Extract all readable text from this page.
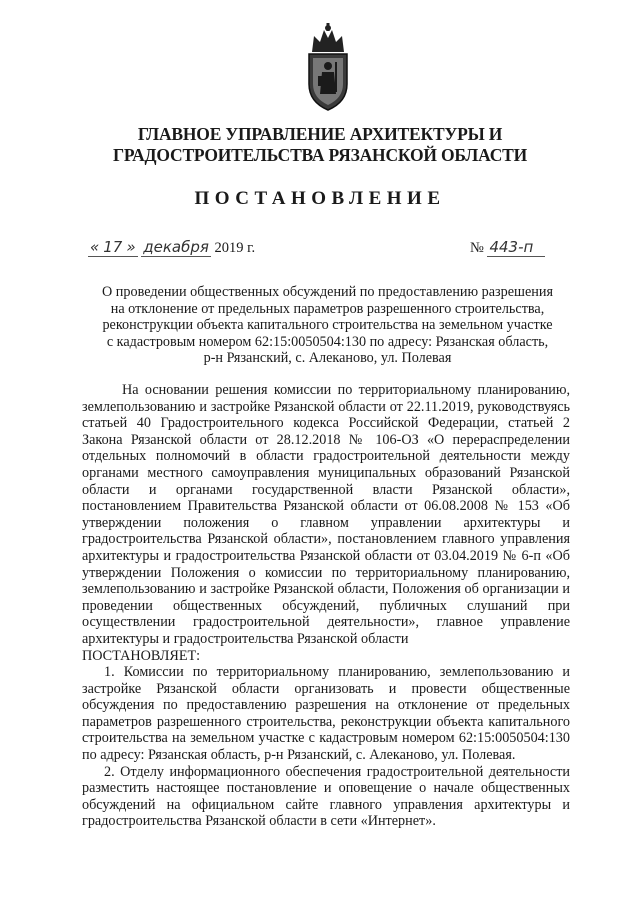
ГЛАВНОЕ УПРАВЛЕНИЕ АРХИТЕКТУРЫ И ГРАДОСТРОИТЕЛЬСТВА РЯЗАНСКОЙ ОБЛАСТИ
ПОСТАНОВЛЕНИЕ
« 17 » декабря 2019 г.	№ 443-п
О проведении общественных обсуждений по предоставлению разрешения на отклонение от предельных параметров разрешенного строительства, реконструкции объекта капитального строительства на земельном участке с кадастровым номером 62:15:0050504:130 по адресу: Рязанская область, р-н Рязанский, с. Алеканово, ул. Полевая

На основании решения комиссии по территориальному планированию, землепользованию и застройке Рязанской области от 22.11.2019, руководствуясь статьей 40 Градостроительного кодекса Российской Федерации, статьей 2 Закона Рязанской области от 28.12.2018 № 106-ОЗ «О перераспределении отдельных полномочий в области градостроительной деятельности между органами местного самоуправления муниципальных образований Рязанской области и органами государственной власти Рязанской области», постановлением Правительства Рязанской области от 06.08.2008 № 153 «Об утверждении положения о главном управлении архитектуры и градостроительства Рязанской области», постановлением главного управления архитектуры и градостроительства Рязанской области от 03.04.2019 № 6-п «Об утверждении Положения о комиссии по территориальному планированию, землепользованию и застройке Рязанской области, Положения об организации и проведении общественных обсуждений, публичных слушаний при осуществлении градостроительной деятельности», главное управление архитектуры и градостроительства Рязанской области

ПОСТАНОВЛЯЕТ:

1. Комиссии по территориальному планированию, землепользованию и застройке Рязанской области организовать и провести общественные обсуждения по предоставлению разрешения на отклонение от предельных параметров разрешенного строительства, реконструкции объекта капитального строительства на земельном участке с кадастровым номером 62:15:0050504:130 по адресу: Рязанская область, р-н Рязанский, с. Алеканово, ул. Полевая.

2. Отделу информационного обеспечения градостроительной деятельности разместить настоящее постановление и оповещение о начале общественных обсуждений на официальном сайте главного управления архитектуры и градостроительства Рязанской области в сети «Интернет».
